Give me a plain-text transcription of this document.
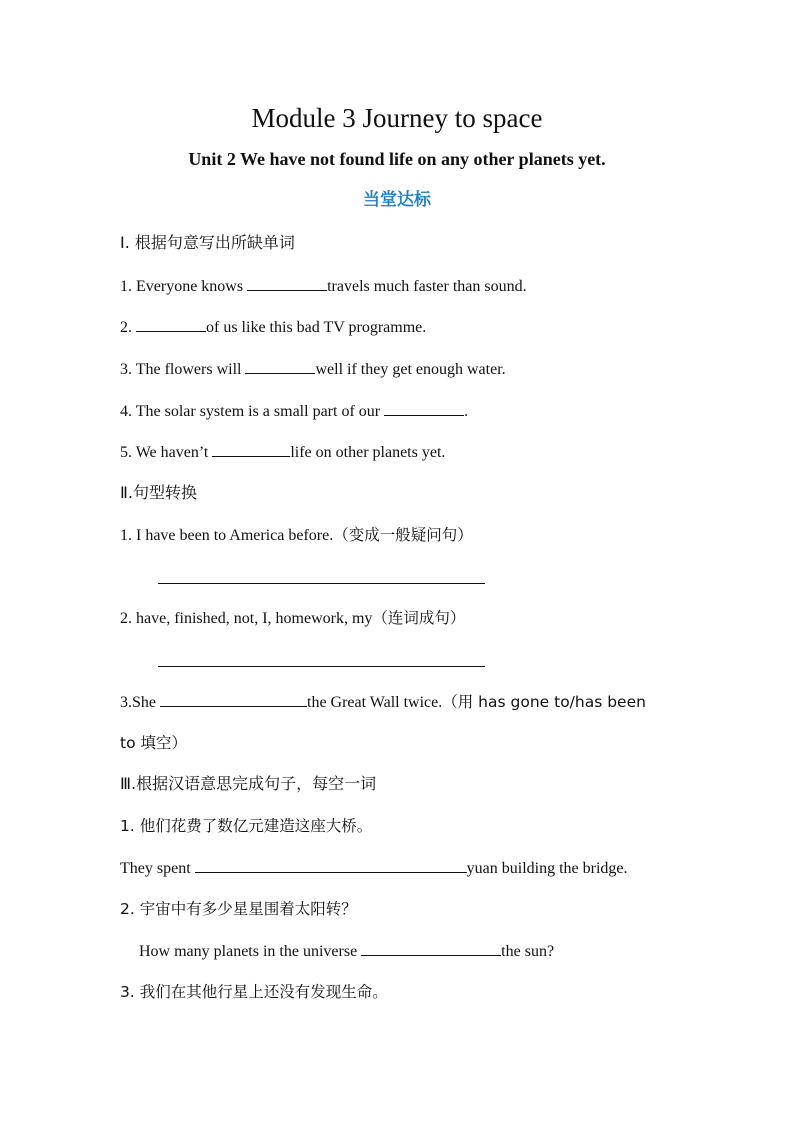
Module 3 Journey to space
Unit 2 We have not found life on any other planets yet.
当堂达标
Ⅰ. 根据句意写出所缺单词
1. Everyone knows	travels much faster than sound.
2.	of us like this bad TV programme.
3. The flowers will	well if they get enough water.
4. The solar system is a small part of our	.
5. We haven’t	life on other planets yet.
Ⅱ.句型转换
1. I have been to America before.（变成一般疑问句）
2. have, finished, not, I, homework, my（连词成句）
3.She	the Great Wall twice.（用 has gone to/has been
to 填空）
Ⅲ.根据汉语意思完成句子，每空一词
1. 他们花费了数亿元建造这座大桥。
They spent	yuan building the bridge.
2. 宇宙中有多少星星围着太阳转？
How many planets in the universe	the sun?
3. 我们在其他行星上还没有发现生命。
